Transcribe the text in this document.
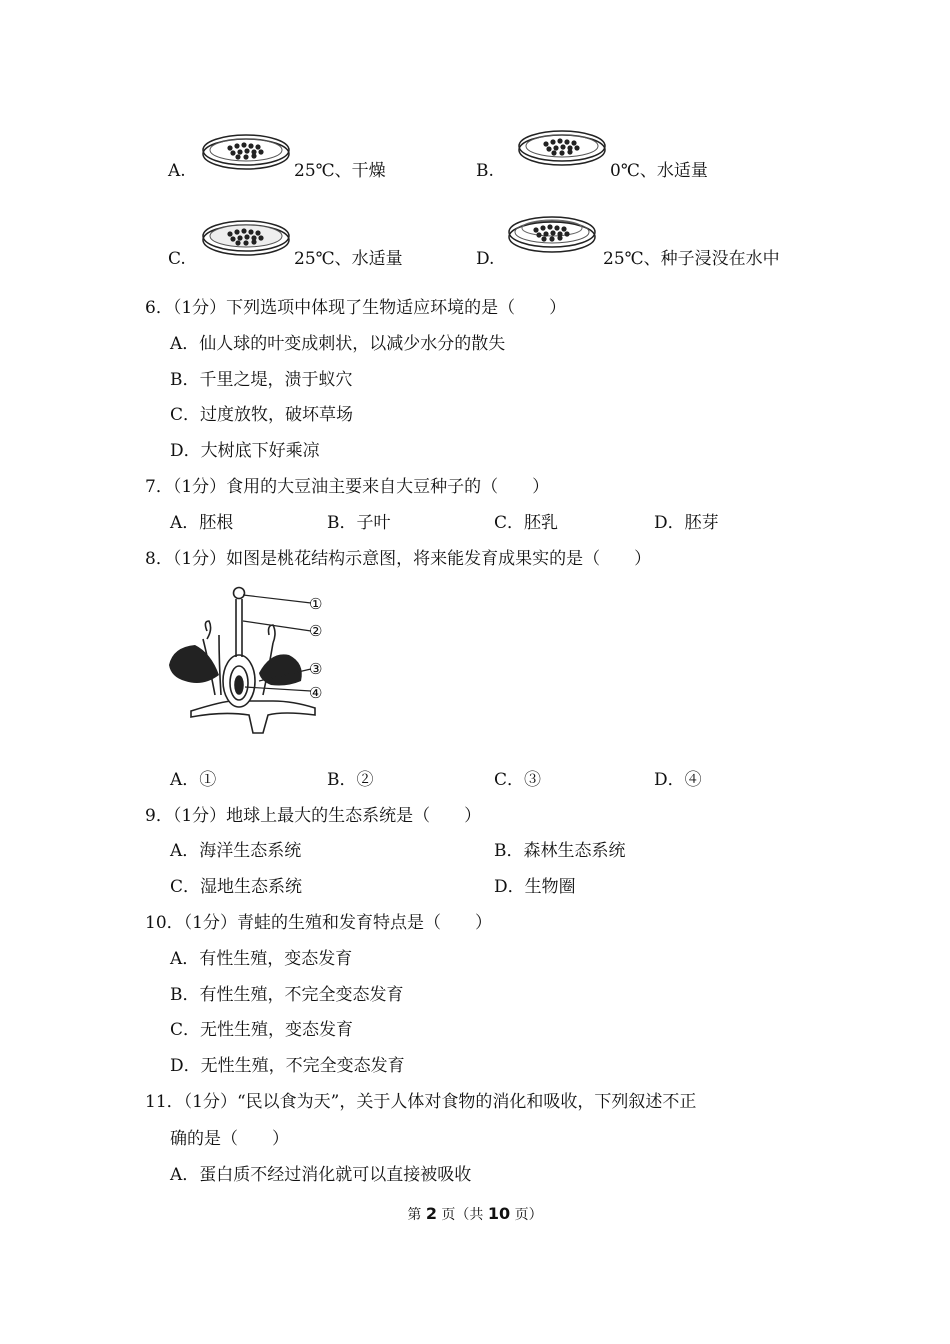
A.	25℃、干燥	B.	0℃、水适量
C.	25℃、水适量	D.	25℃、种子浸没在水中
6．（1分）下列选项中体现了生物适应环境的是（　　）
A．仙人球的叶变成刺状，以减少水分的散失
B．千里之堤，溃于蚁穴
C．过度放牧，破坏草场
D．大树底下好乘凉
7．（1分）食用的大豆油主要来自大豆种子的（　　）
A．胚根	B．子叶	C．胚乳	D．胚芽
8．（1分）如图是桃花结构示意图，将来能发育成果实的是（　　）
①
②
③
④
A．①	B．②	C．③	D．④
9．（1分）地球上最大的生态系统是（　　）
A．海洋生态系统	B．森林生态系统
C．湿地生态系统	D．生物圈
10．（1分）青蛙的生殖和发育特点是（　　）
A．有性生殖，变态发育
B．有性生殖，不完全变态发育
C．无性生殖，变态发育
D．无性生殖，不完全变态发育
11．（1分）“民以食为天”，关于人体对食物的消化和吸收，下列叙述不正
确的是（　　）
A．蛋白质不经过消化就可以直接被吸收
第 2 页（共 10 页）
